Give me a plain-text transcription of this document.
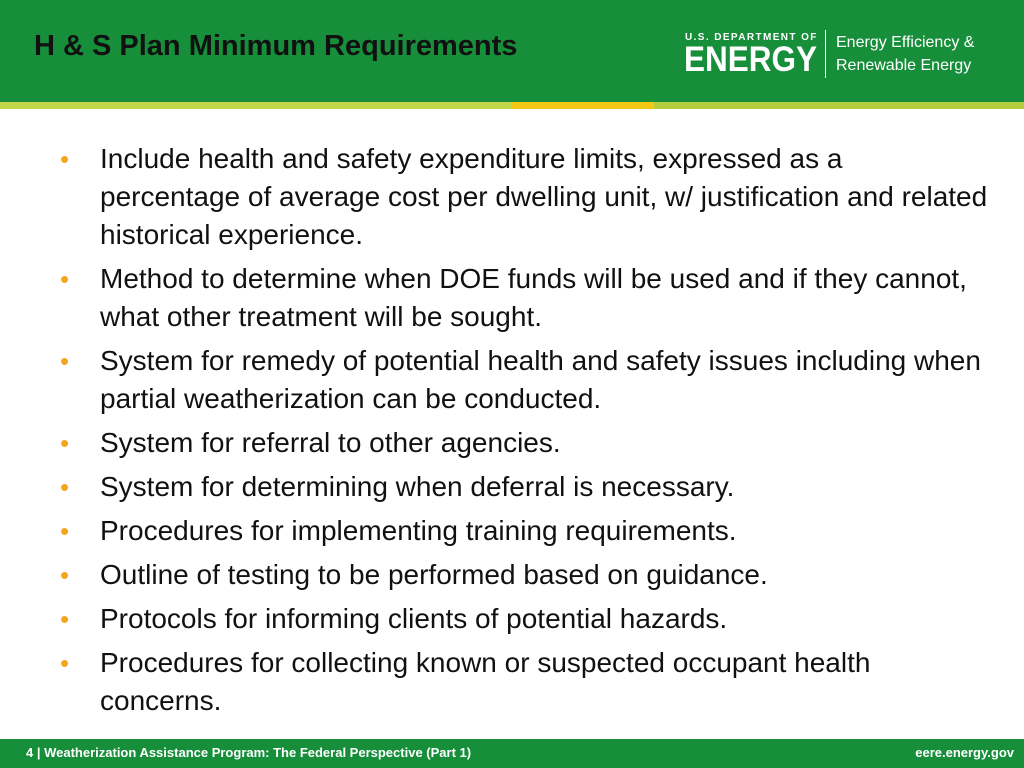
H & S Plan Minimum Requirements	U.S. DEPARTMENT OF
ENERGY Energy Efficiency &
Renewable Energy
• Include health and safety expenditure limits, expressed as a percentage of average cost per dwelling unit, w/ justification and related historical experience.
• Method to determine when DOE funds will be used and if they cannot, what other treatment will be sought.
• System for remedy of potential health and safety issues including when partial weatherization can be conducted.
• System for referral to other agencies.
• System for determining when deferral is necessary.
• Procedures for implementing training requirements.
• Outline of testing to be performed based on guidance.
• Protocols for informing clients of potential hazards.
• Procedures for collecting known or suspected occupant health concerns.
4 | Weatherization Assistance Program: The Federal Perspective (Part 1)	eere.energy.gov
